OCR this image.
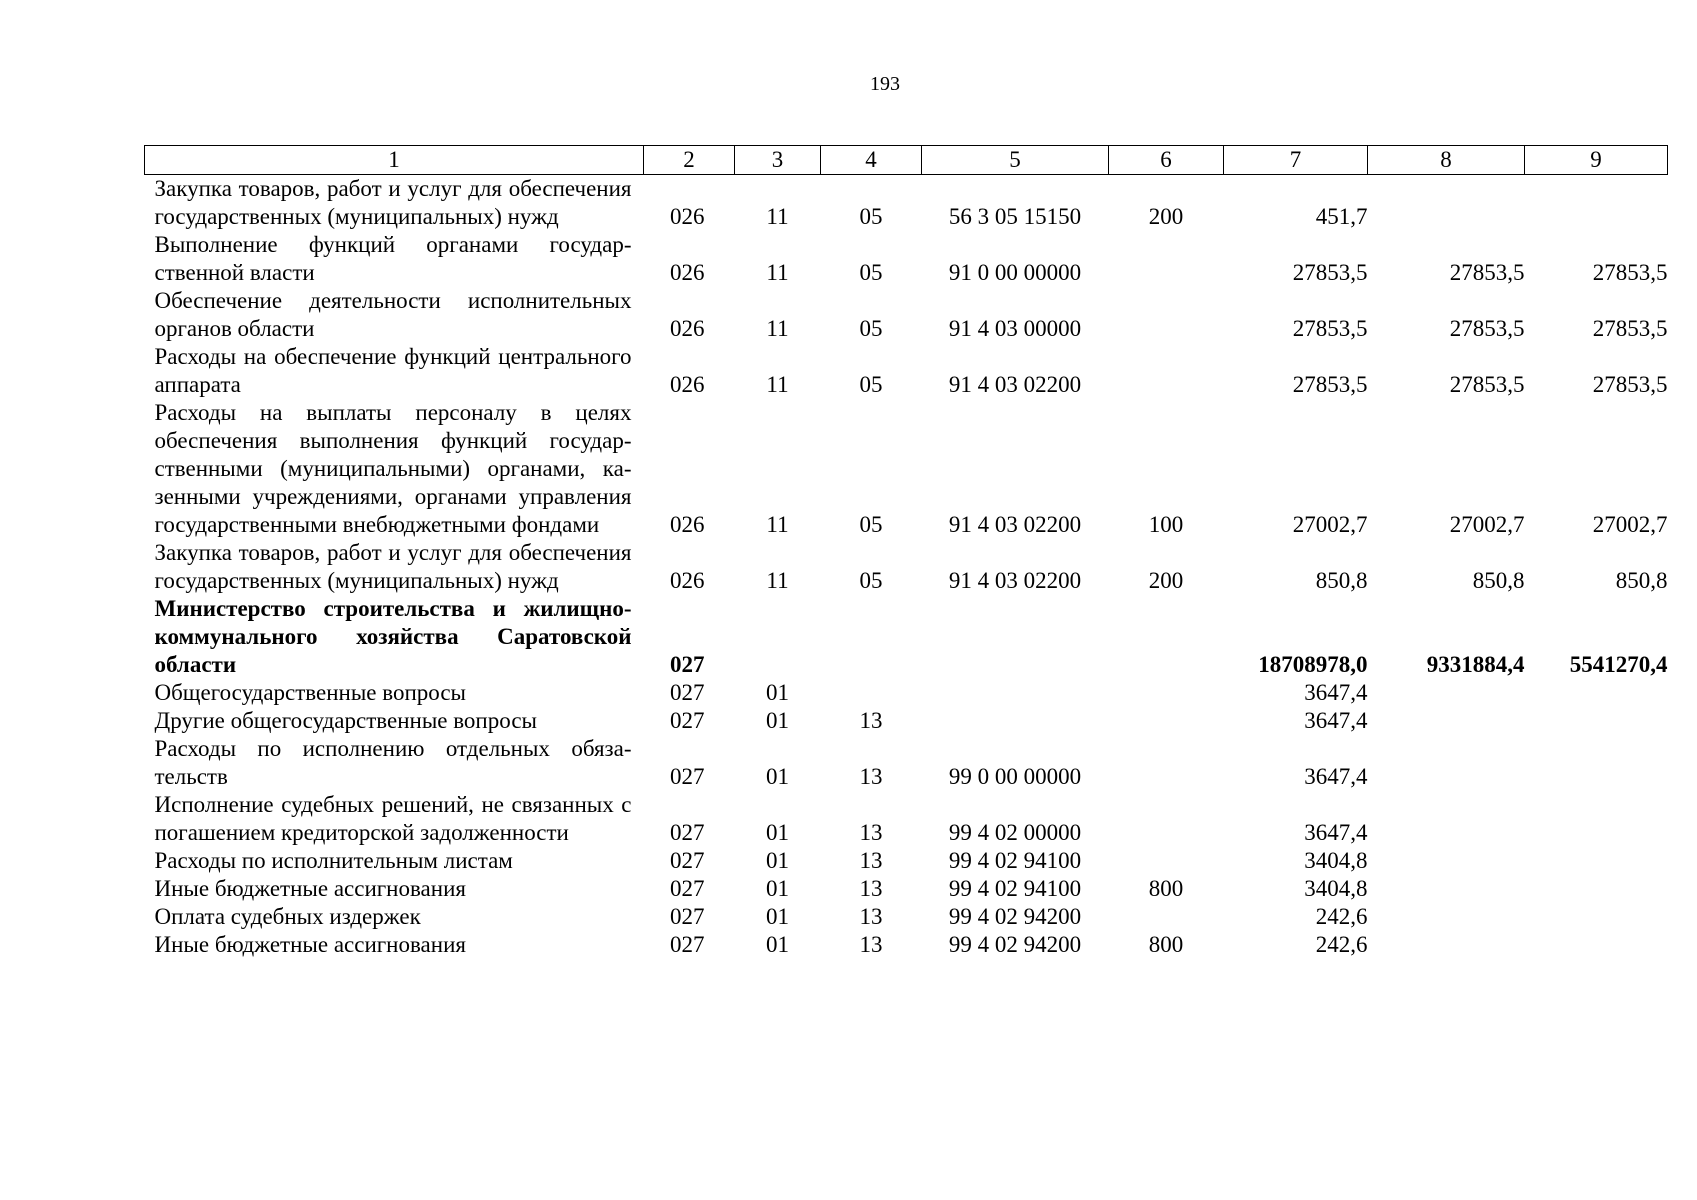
193
1	2	3	4	5	6	7	8	9
Закупка товаров, работ и услуг для обеспечения государственных (муниципальных) нужд	026	11	05	56 3 05 15150	200	451,7		
Выполнение функций органами государственной власти	026	11	05	91 0 00 00000		27853,5	27853,5	27853,5
Обеспечение деятельности исполнительных органов области	026	11	05	91 4 03 00000		27853,5	27853,5	27853,5
Расходы на обеспечение функций центрального аппарата	026	11	05	91 4 03 02200		27853,5	27853,5	27853,5
Расходы на выплаты персоналу в целях обеспечения выполнения функций государственными (муниципальными) органами, казенными учреждениями, органами управления государственными внебюджетными фондами	026	11	05	91 4 03 02200	100	27002,7	27002,7	27002,7
Закупка товаров, работ и услуг для обеспечения государственных (муниципальных) нужд	026	11	05	91 4 03 02200	200	850,8	850,8	850,8
Министерство строительства и жилищно-коммунального хозяйства Саратовской области	027					18708978,0	9331884,4	5541270,4
Общегосударственные вопросы	027	01				3647,4		
Другие общегосударственные вопросы	027	01	13			3647,4		
Расходы по исполнению отдельных обязательств	027	01	13	99 0 00 00000		3647,4		
Исполнение судебных решений, не связанных с погашением кредиторской задолженности	027	01	13	99 4 02 00000		3647,4		
Расходы по исполнительным листам	027	01	13	99 4 02 94100		3404,8		
Иные бюджетные ассигнования	027	01	13	99 4 02 94100	800	3404,8		
Оплата судебных издержек	027	01	13	99 4 02 94200		242,6		
Иные бюджетные ассигнования	027	01	13	99 4 02 94200	800	242,6		
